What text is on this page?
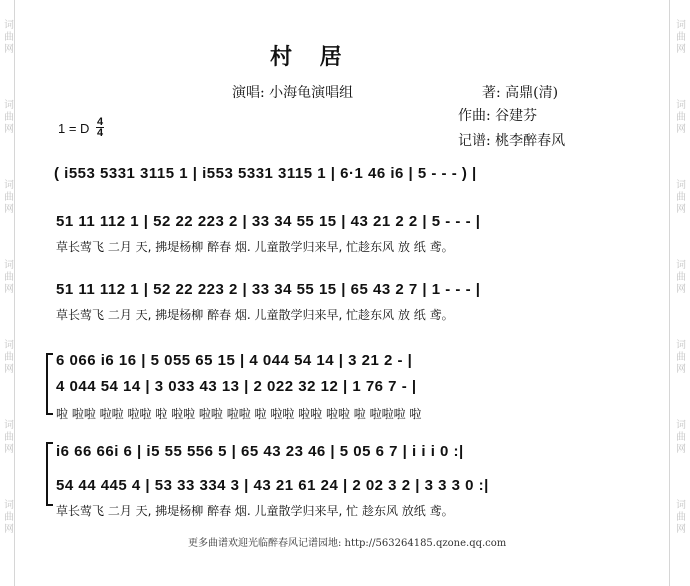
词
曲
网
词
曲
网
词
曲
网
词
曲
网
词
曲
网
词
曲
网
词
曲
网
词
曲
网
词
曲
网
词
曲
网
词
曲
网
词
曲
网
词
曲
网
词
曲
网
村 居
演唱: 小海龟演唱组	著: 高鼎(清)
作曲: 谷建芬
记谱: 桃李醉春风
1 = D 4
4
( i553 5331 3115 1 | i553 5331 3115 1 | 6·1 46 i6 | 5 - - - ) |
51 11 112 1 | 52 22 223 2 | 33 34 55 15 | 43 21 2 2 | 5 - - - |
草长莺飞 二月 天, 拂堤杨柳 醉春 烟. 儿童散学归来早, 忙趁东风 放 纸 鸢。
51 11 112 1 | 52 22 223 2 | 33 34 55 15 | 65 43 2 7 | 1 - - - |
草长莺飞 二月 天, 拂堤杨柳 醉春 烟. 儿童散学归来早, 忙趁东风 放 纸 鸢。
6 066 i6 16 | 5 055 65 15 | 4 044 54 14 | 3 21 2 - |
4 044 54 14 | 3 033 43 13 | 2 022 32 12 | 1 76 7 - |
啦 啦啦 啦啦 啦啦 啦 啦啦 啦啦 啦啦 啦 啦啦 啦啦 啦啦 啦 啦啦啦 啦
i6 66 66i 6 | i5 55 556 5 | 65 43 23 46 | 5 05 6 7 | i i i 0 :|
54 44 445 4 | 53 33 334 3 | 43 21 61 24 | 2 02 3 2 | 3 3 3 0 :|
草长莺飞 二月 天, 拂堤杨柳 醉春 烟. 儿童散学归来早, 忙 趁东风 放纸 鸢。
更多曲谱欢迎光临醉春风记谱园地: http://563264185.qzone.qq.com
